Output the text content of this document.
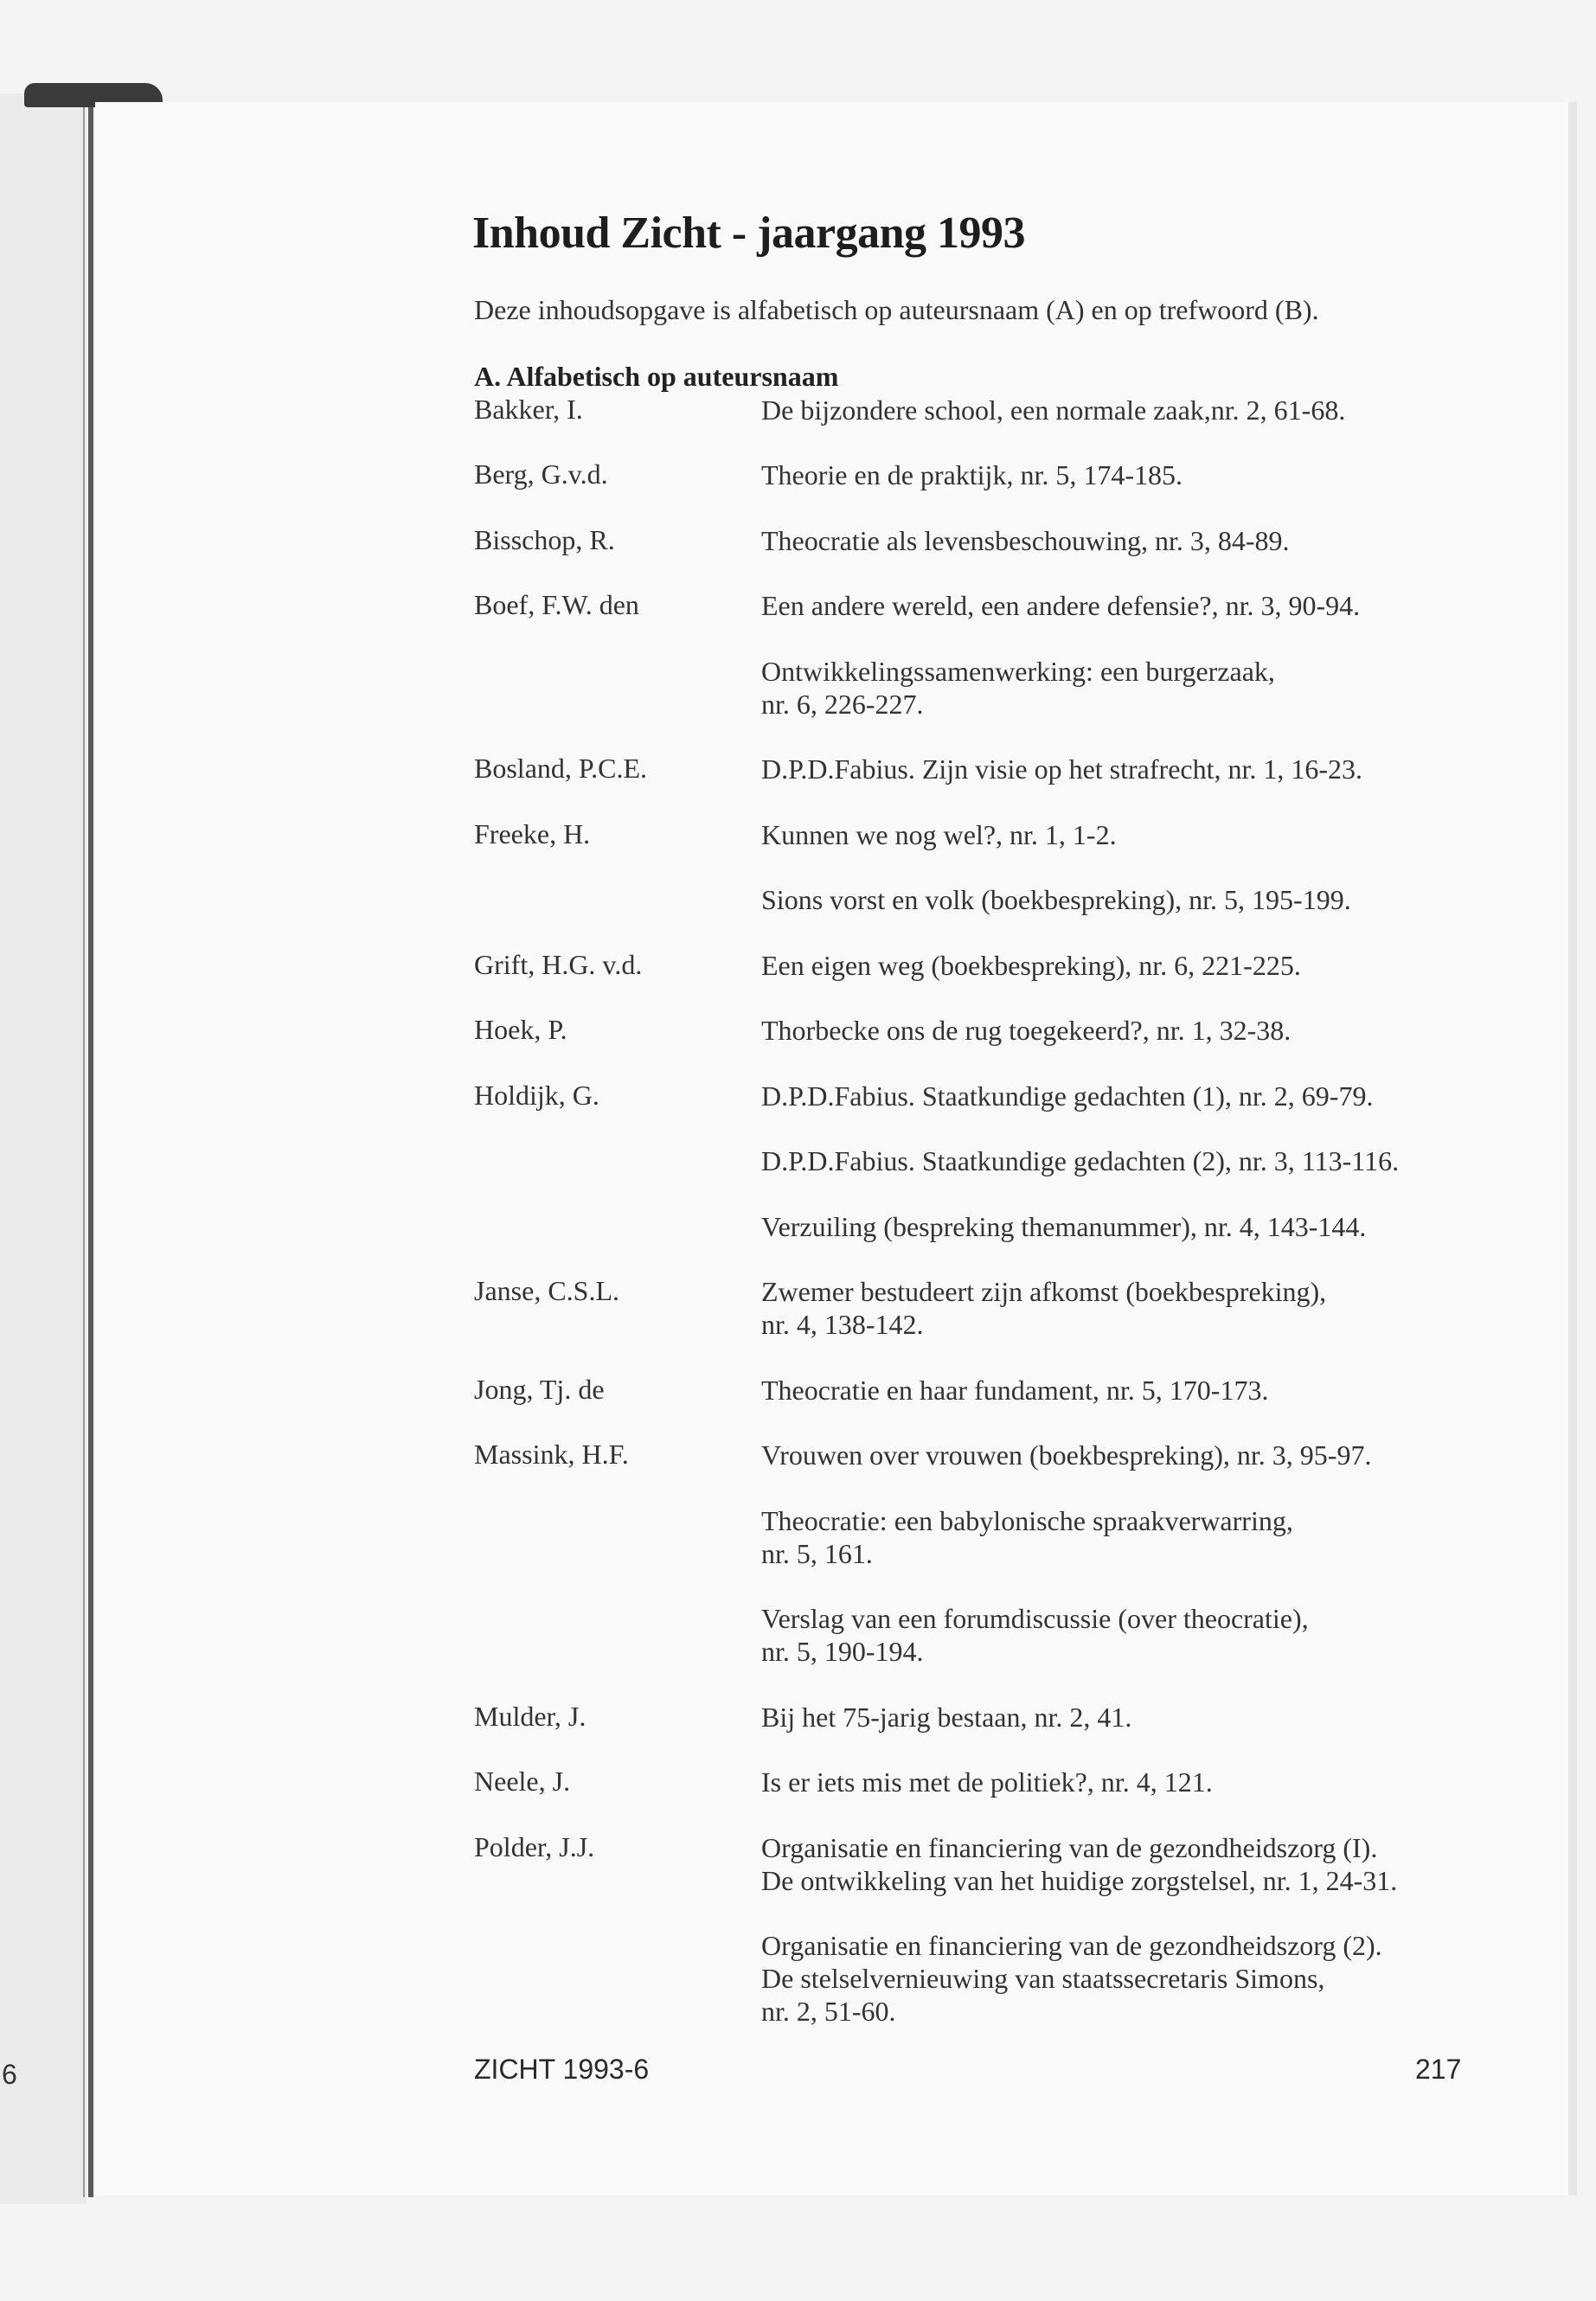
6
Inhoud Zicht - jaargang 1993
Deze inhoudsopgave is alfabetisch op auteursnaam (A) en op trefwoord (B).
A. Alfabetisch op auteursnaam
Bakker, I.	De bijzondere school, een normale zaak,nr. 2, 61-68.
Berg, G.v.d.	Theorie en de praktijk, nr. 5, 174-185.
Bisschop, R.	Theocratie als levensbeschouwing, nr. 3, 84-89.
Boef, F.W. den	Een andere wereld, een andere defensie?, nr. 3, 90-94.
Ontwikkelingssamenwerking: een burgerzaak,
nr. 6, 226-227.
Bosland, P.C.E.	D.P.D.Fabius. Zijn visie op het strafrecht, nr. 1, 16-23.
Freeke, H.	Kunnen we nog wel?, nr. 1, 1-2.
Sions vorst en volk (boekbespreking), nr. 5, 195-199.
Grift, H.G. v.d.	Een eigen weg (boekbespreking), nr. 6, 221-225.
Hoek, P.	Thorbecke ons de rug toegekeerd?, nr. 1, 32-38.
Holdijk, G.	D.P.D.Fabius. Staatkundige gedachten (1), nr. 2, 69-79.
D.P.D.Fabius. Staatkundige gedachten (2), nr. 3, 113-116.
Verzuiling (bespreking themanummer), nr. 4, 143-144.
Janse, C.S.L.	Zwemer bestudeert zijn afkomst (boekbespreking),
nr. 4, 138-142.
Jong, Tj. de	Theocratie en haar fundament, nr. 5, 170-173.
Massink, H.F.	Vrouwen over vrouwen (boekbespreking), nr. 3, 95-97.
Theocratie: een babylonische spraakverwarring,
nr. 5, 161.
Verslag van een forumdiscussie (over theocratie),
nr. 5, 190-194.
Mulder, J.	Bij het 75-jarig bestaan, nr. 2, 41.
Neele, J.	Is er iets mis met de politiek?, nr. 4, 121.
Polder, J.J.	Organisatie en financiering van de gezondheidszorg (I).
De ontwikkeling van het huidige zorgstelsel, nr. 1, 24-31.
Organisatie en financiering van de gezondheidszorg (2).
De stelselvernieuwing van staatssecretaris Simons,
nr. 2, 51-60.
ZICHT 1993-6	217
